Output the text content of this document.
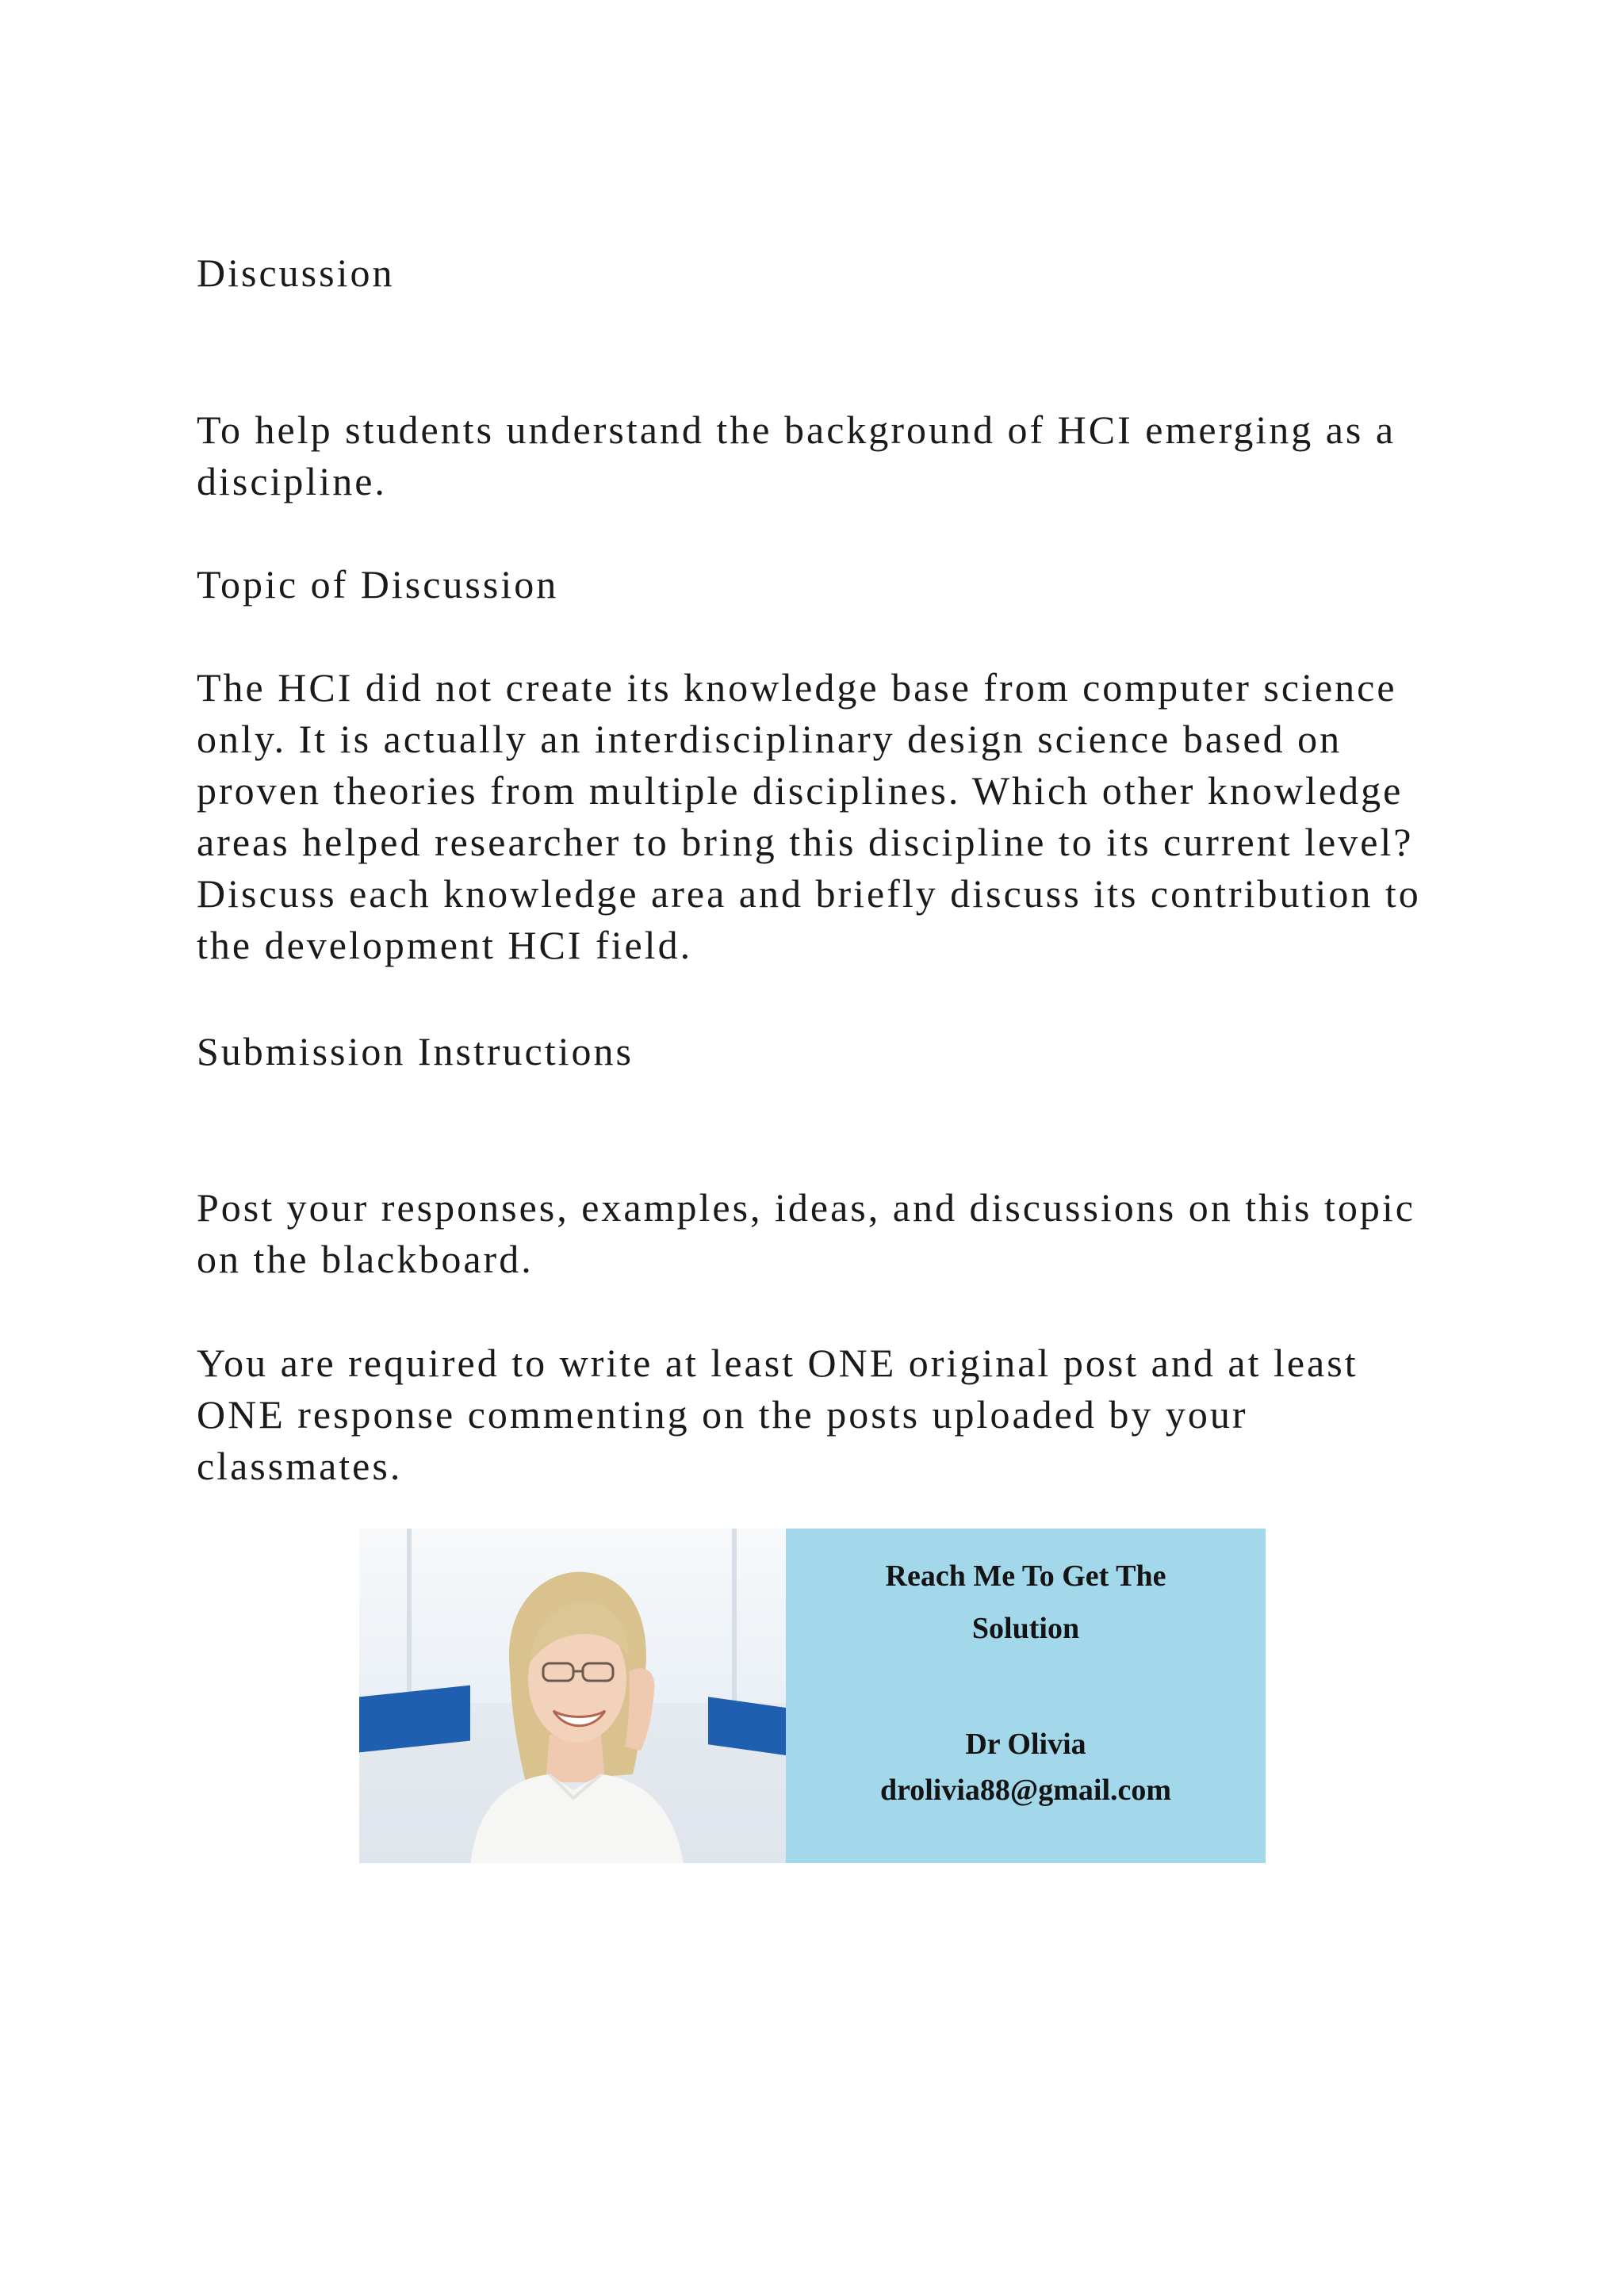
Discussion

To help students understand the background of HCI emerging as a discipline.

Topic of Discussion

The HCI did not create its knowledge base from computer science only. It is actually an interdisciplinary design science based on proven theories from multiple disciplines. Which other knowledge areas helped researcher to bring this discipline to its current level? Discuss each knowledge area and briefly discuss its contribution to the development HCI field.

Submission Instructions

Post your responses, examples, ideas, and discussions on this topic on the blackboard.

You are required to write at least ONE original post and at least ONE response commenting on the posts uploaded by your classmates.

Reach Me To Get The
Solution
Dr Olivia
drolivia88@gmail.com
